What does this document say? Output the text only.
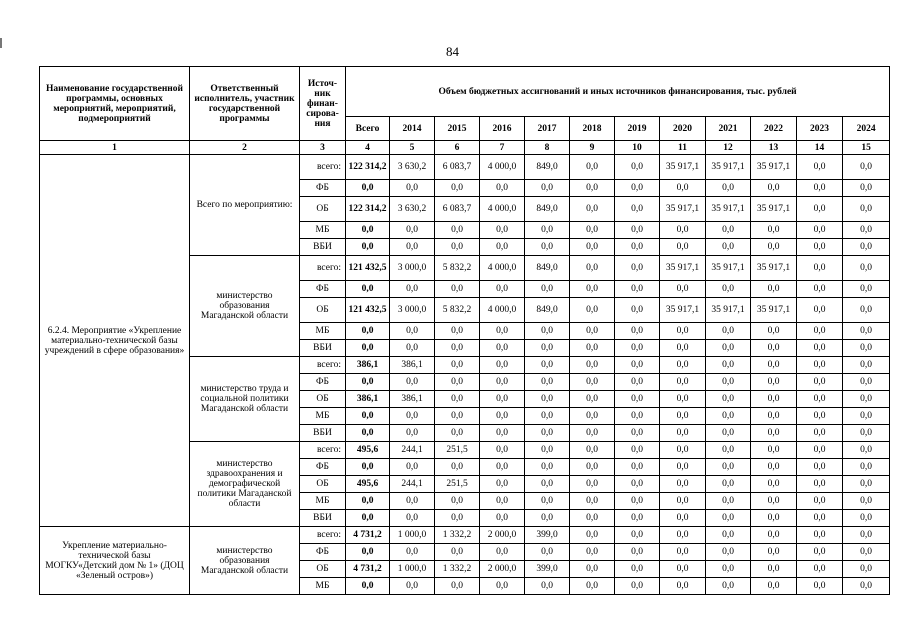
84
Наименование государственной программы, основных мероприятий, мероприятий, подмероприятий	Ответственный исполнитель, участник государственной программы	Источ-ник финан-сирова-ния	Объем бюджетных ассигнований и иных источников финансирования, тыс. рублей											
			Всего	2014	2015	2016	2017	2018	2019	2020	2021	2022	2023	2024
1	2	3	4	5	6	7	8	9	10	11	12	13	14	15
6.2.4. Мероприятие «Укрепление материально-технической базы учреждений в сфере образования»	Всего по мероприятию:	всего:	122 314,2	3 630,2	6 083,7	4 000,0	849,0	0,0	0,0	35 917,1	35 917,1	35 917,1	0,0	0,0
		ФБ	0,0	0,0	0,0	0,0	0,0	0,0	0,0	0,0	0,0	0,0	0,0	0,0
		ОБ	122 314,2	3 630,2	6 083,7	4 000,0	849,0	0,0	0,0	35 917,1	35 917,1	35 917,1	0,0	0,0
		МБ	0,0	0,0	0,0	0,0	0,0	0,0	0,0	0,0	0,0	0,0	0,0	0,0
		ВБИ	0,0	0,0	0,0	0,0	0,0	0,0	0,0	0,0	0,0	0,0	0,0	0,0
	министерство образования Магаданской области	всего:	121 432,5	3 000,0	5 832,2	4 000,0	849,0	0,0	0,0	35 917,1	35 917,1	35 917,1	0,0	0,0
		ФБ	0,0	0,0	0,0	0,0	0,0	0,0	0,0	0,0	0,0	0,0	0,0	0,0
		ОБ	121 432,5	3 000,0	5 832,2	4 000,0	849,0	0,0	0,0	35 917,1	35 917,1	35 917,1	0,0	0,0
		МБ	0,0	0,0	0,0	0,0	0,0	0,0	0,0	0,0	0,0	0,0	0,0	0,0
		ВБИ	0,0	0,0	0,0	0,0	0,0	0,0	0,0	0,0	0,0	0,0	0,0	0,0
	министерство труда и социальной политики Магаданской области	всего:	386,1	386,1	0,0	0,0	0,0	0,0	0,0	0,0	0,0	0,0	0,0	0,0
		ФБ	0,0	0,0	0,0	0,0	0,0	0,0	0,0	0,0	0,0	0,0	0,0	0,0
		ОБ	386,1	386,1	0,0	0,0	0,0	0,0	0,0	0,0	0,0	0,0	0,0	0,0
		МБ	0,0	0,0	0,0	0,0	0,0	0,0	0,0	0,0	0,0	0,0	0,0	0,0
		ВБИ	0,0	0,0	0,0	0,0	0,0	0,0	0,0	0,0	0,0	0,0	0,0	0,0
	министерство здравоохранения и демографической политики Магаданской области	всего:	495,6	244,1	251,5	0,0	0,0	0,0	0,0	0,0	0,0	0,0	0,0	0,0
		ФБ	0,0	0,0	0,0	0,0	0,0	0,0	0,0	0,0	0,0	0,0	0,0	0,0
		ОБ	495,6	244,1	251,5	0,0	0,0	0,0	0,0	0,0	0,0	0,0	0,0	0,0
		МБ	0,0	0,0	0,0	0,0	0,0	0,0	0,0	0,0	0,0	0,0	0,0	0,0
		ВБИ	0,0	0,0	0,0	0,0	0,0	0,0	0,0	0,0	0,0	0,0	0,0	0,0
Укрепление материально-технической базы МОГКУ«Детский дом № 1» (ДОЦ «Зеленый остров»)	министерство образования Магаданской области	всего:	4 731,2	1 000,0	1 332,2	2 000,0	399,0	0,0	0,0	0,0	0,0	0,0	0,0	0,0
		ФБ	0,0	0,0	0,0	0,0	0,0	0,0	0,0	0,0	0,0	0,0	0,0	0,0
		ОБ	4 731,2	1 000,0	1 332,2	2 000,0	399,0	0,0	0,0	0,0	0,0	0,0	0,0	0,0
		МБ	0,0	0,0	0,0	0,0	0,0	0,0	0,0	0,0	0,0	0,0	0,0	0,0
